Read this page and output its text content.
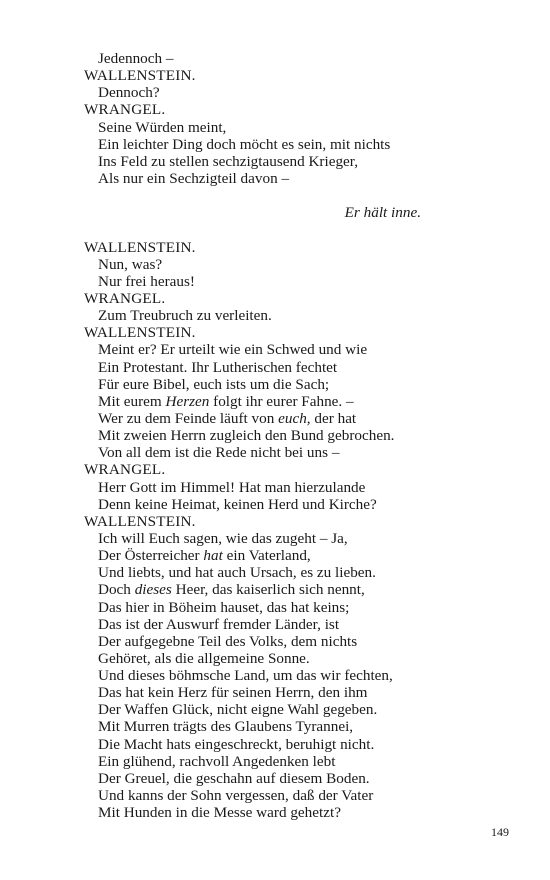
Jedennoch –
WALLENSTEIN.
Dennoch?
WRANGEL.
Seine Würden meint,
Ein leichter Ding doch möcht es sein, mit nichts
Ins Feld zu stellen sechzigtausend Krieger,
Als nur ein Sechzigteil davon –
Er hält inne.
WALLENSTEIN.
Nun, was?
Nur frei heraus!
WRANGEL.
Zum Treubruch zu verleiten.
WALLENSTEIN.
Meint er? Er urteilt wie ein Schwed und wie
Ein Protestant. Ihr Lutherischen fechtet
Für eure Bibel, euch ists um die Sach;
Mit eurem Herzen folgt ihr eurer Fahne. –
Wer zu dem Feinde läuft von euch, der hat
Mit zweien Herrn zugleich den Bund gebrochen.
Von all dem ist die Rede nicht bei uns –
WRANGEL.
Herr Gott im Himmel! Hat man hierzulande
Denn keine Heimat, keinen Herd und Kirche?
WALLENSTEIN.
Ich will Euch sagen, wie das zugeht – Ja,
Der Österreicher hat ein Vaterland,
Und liebts, und hat auch Ursach, es zu lieben.
Doch dieses Heer, das kaiserlich sich nennt,
Das hier in Böheim hauset, das hat keins;
Das ist der Auswurf fremder Länder, ist
Der aufgegebne Teil des Volks, dem nichts
Gehöret, als die allgemeine Sonne.
Und dieses böhmsche Land, um das wir fechten,
Das hat kein Herz für seinen Herrn, den ihm
Der Waffen Glück, nicht eigne Wahl gegeben.
Mit Murren trägts des Glaubens Tyrannei,
Die Macht hats eingeschreckt, beruhigt nicht.
Ein glühend, rachvoll Angedenken lebt
Der Greuel, die geschahn auf diesem Boden.
Und kanns der Sohn vergessen, daß der Vater
Mit Hunden in die Messe ward gehetzt?
149
